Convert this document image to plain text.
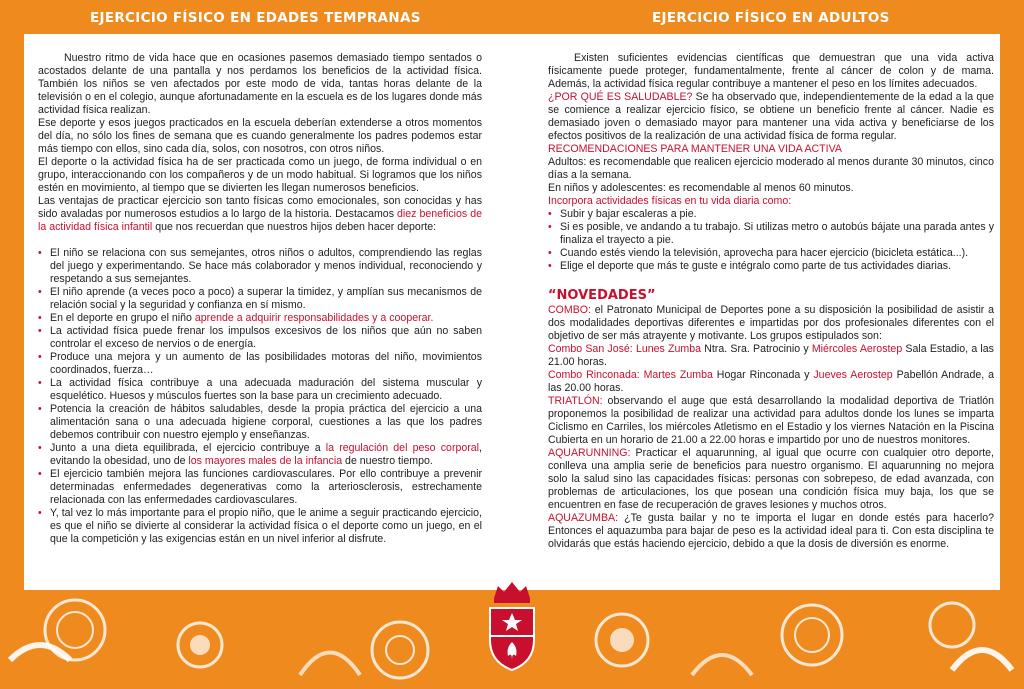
EJERCICIO FÍSICO EN EDADES TEMPRANAS

Nuestro ritmo de vida hace que en ocasiones pasemos demasiado tiempo sentados o acostados delante de una pantalla y nos perdamos los beneficios de la actividad física. También los niños se ven afectados por este modo de vida, tantas horas delante de la televisión o en el colegio, aunque afortunadamente en la escuela es de los lugares donde más actividad física realizan.

Ese deporte y esos juegos practicados en la escuela deberían extenderse a otros momentos del día, no sólo los fines de semana que es cuando generalmente los padres podemos estar más tiempo con ellos, sino cada día, solos, con nosotros, con otros niños.

El deporte o la actividad física ha de ser practicada como un juego, de forma individual o en grupo, interaccionando con los compañeros y de un modo habitual. Si logramos que los niños estén en movimiento, al tiempo que se divierten les llegan numerosos beneficios.

Las ventajas de practicar ejercicio son tanto físicas como emocionales, son conocidas y has sido avaladas por numerosos estudios a lo largo de la historia. Destacamos diez beneficios de la actividad física infantil que nos recuerdan que nuestros hijos deben hacer deporte:

• El niño se relaciona con sus semejantes, otros niños o adultos, comprendiendo las reglas del juego y experimentando. Se hace más colaborador y menos individual, reconociendo y respetando a sus semejantes.

• El niño aprende (a veces poco a poco) a superar la timidez, y amplían sus mecanismos de relación social y la seguridad y confianza en sí mismo.

• En el deporte en grupo el niño aprende a adquirir responsabilidades y a cooperar.

• La actividad física puede frenar los impulsos excesivos de los niños que aún no saben controlar el exceso de nervios o de energía.

• Produce una mejora y un aumento de las posibilidades motoras del niño, movimientos coordinados, fuerza…

• La actividad física contribuye a una adecuada maduración del sistema muscular y esquelético. Huesos y músculos fuertes son la base para un crecimiento adecuado.

• Potencia la creación de hábitos saludables, desde la propia práctica del ejercicio a una alimentación sana o una adecuada higiene corporal, cuestiones a las que los padres debemos contribuir con nuestro ejemplo y enseñanzas.

• Junto a una dieta equilibrada, el ejercicio contribuye a la regulación del peso corporal, evitando la obesidad, uno de los mayores males de la infancia de nuestro tiempo.

• El ejercicio también mejora las funciones cardiovasculares. Por ello contribuye a prevenir determinadas enfermedades degenerativas como la arteriosclerosis, estrechamente relacionada con las enfermedades cardiovasculares.

• Y, tal vez lo más importante para el propio niño, que le anime a seguir practicando ejercicio, es que el niño se divierte al considerar la actividad física o el deporte como un juego, en el que la competición y las exigencias están en un nivel inferior al disfrute.

EJERCICIO FÍSICO EN ADULTOS

Existen suficientes evidencias científicas que demuestran que una vida activa físicamente puede proteger, fundamentalmente, frente al cáncer de colon y de mama. Además, la actividad física regular contribuye a mantener el peso en los límites adecuados.

¿POR QUÉ ES SALUDABLE? Se ha observado que, independientemente de la edad a la que se comience a realizar ejercicio físico, se obtiene un beneficio frente al cáncer. Nadie es demasiado joven o demasiado mayor para mantener una vida activa y beneficiarse de los efectos positivos de la realización de una actividad física de forma regular.

RECOMENDACIONES PARA MANTENER UNA VIDA ACTIVA

Adultos: es recomendable que realicen ejercicio moderado al menos durante 30 minutos, cinco días a la semana.

En niños y adolescentes: es recomendable al menos 60 minutos.

Incorpora actividades físicas en tu vida diaria como:

• Subir y bajar escaleras a pie.

• Si es posible, ve andando a tu trabajo. Si utilizas metro o autobús bájate una parada antes y finaliza el trayecto a pie.

• Cuando estés viendo la televisión, aprovecha para hacer ejercicio (bicicleta estática...).

• Elige el deporte que más te guste e intégralo como parte de tus actividades diarias.

“NOVEDADES”

COMBO: el Patronato Municipal de Deportes pone a su disposición la posibilidad de asistir a dos modalidades deportivas diferentes e impartidas por dos profesionales diferentes con el objetivo de ser más atrayente y motivante. Los grupos estipulados son:

Combo San José: Lunes Zumba Ntra. Sra. Patrocinio y Miércoles Aerostep Sala Estadio, a las 21.00 horas.

Combo Rinconada: Martes Zumba Hogar Rinconada y Jueves Aerostep Pabellón Andrade, a las 20.00 horas.

TRIATLÓN: observando el auge que está desarrollando la modalidad deportiva de Triatlón proponemos la posibilidad de realizar una actividad para adultos donde los lunes se imparta Ciclismo en Carriles, los miércoles Atletismo en el Estadio y los viernes Natación en la Piscina Cubierta en un horario de 21.00 a 22.00 horas e impartido por uno de nuestros monitores.

AQUARUNNING: Practicar el aquarunning, al igual que ocurre con cualquier otro deporte, conlleva una amplia serie de beneficios para nuestro organismo. El aquarunning no mejora solo la salud sino las capacidades físicas: personas con sobrepeso, de edad avanzada, con problemas de articulaciones, los que posean una condición física muy baja, los que se encuentren en fase de recuperación de graves lesiones y muchos otros.

AQUAZUMBA: ¿Te gusta bailar y no te importa el lugar en donde estés para hacerlo? Entonces el aquazumba para bajar de peso es la actividad ideal para ti. Con esta disciplina te olvidarás que estás haciendo ejercicio, debido a que la dosis de diversión es enorme.
